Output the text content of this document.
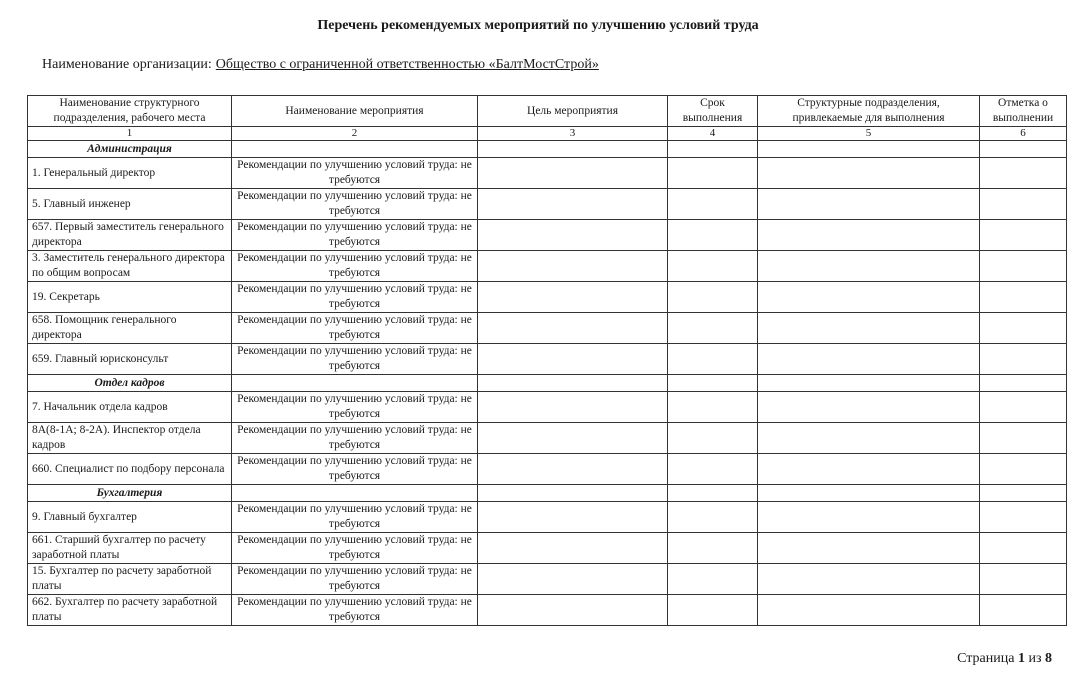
Перечень рекомендуемых мероприятий по улучшению условий труда
Наименование организации: Общество с ограниченной ответственностью «БалтМостСтрой»
Наименование структурного подразделения, рабочего места	Наименование мероприятия	Цель мероприятия	Срок выполнения	Структурные подразделения, привлекаемые для выполнения	Отметка о выполнении
1	2	3	4	5	6
Администрация					
1. Генеральный директор	Рекомендации по улучшению условий труда: не требуются				
5. Главный инженер	Рекомендации по улучшению условий труда: не требуются				
657. Первый заместитель генерального директора	Рекомендации по улучшению условий труда: не требуются				
3. Заместитель генерального директора по общим вопросам	Рекомендации по улучшению условий труда: не требуются				
19. Секретарь	Рекомендации по улучшению условий труда: не требуются				
658. Помощник генерального директора	Рекомендации по улучшению условий труда: не требуются				
659. Главный юрисконсульт	Рекомендации по улучшению условий труда: не требуются				
Отдел кадров					
7. Начальник отдела кадров	Рекомендации по улучшению условий труда: не требуются				
8А(8-1А; 8-2А). Инспектор отдела кадров	Рекомендации по улучшению условий труда: не требуются				
660. Специалист по подбору персонала	Рекомендации по улучшению условий труда: не требуются				
Бухгалтерия					
9. Главный бухгалтер	Рекомендации по улучшению условий труда: не требуются				
661. Старший бухгалтер по расчету заработной платы	Рекомендации по улучшению условий труда: не требуются				
15. Бухгалтер по расчету заработной платы	Рекомендации по улучшению условий труда: не требуются				
662. Бухгалтер по расчету заработной платы	Рекомендации по улучшению условий труда: не требуются				
Страница 1 из 8
